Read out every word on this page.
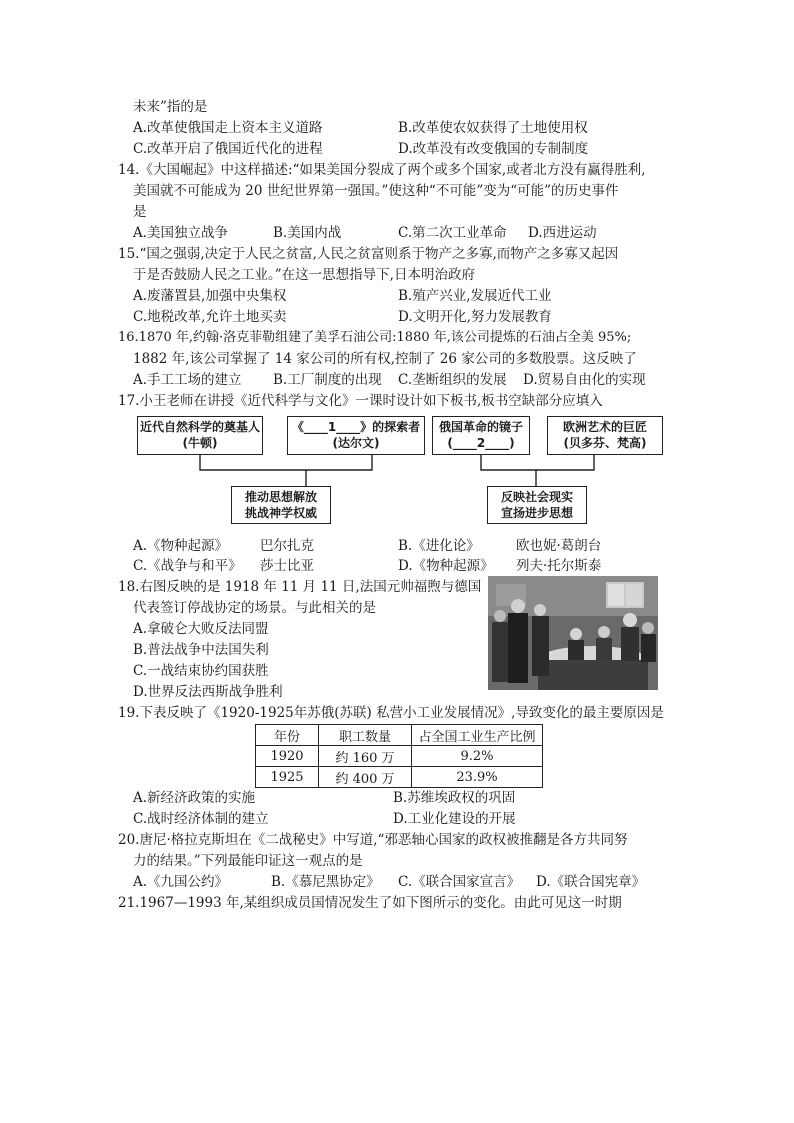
未来”指的是
A.改革使俄国走上资本主义道路	B.改革使农奴获得了土地使用权
C.改革开启了俄国近代化的进程	D.改革没有改变俄国的专制制度
14.《大国崛起》中这样描述:“如果美国分裂成了两个或多个国家,或者北方没有赢得胜利,
美国就不可能成为 20 世纪世界第一强国。”使这种“不可能”变为“可能”的历史事件
是
A.美国独立战争	B.美国内战	C.第二次工业革命 D.西进运动
15.“国之强弱,决定于人民之贫富,人民之贫富则系于物产之多寡,而物产之多寡又起因
于是否鼓励人民之工业。”在这一思想指导下,日本明治政府
A.废藩置县,加强中央集权	B.殖产兴业,发展近代工业
C.地税改革,允许土地买卖	D.文明开化,努力发展教育
16.1870 年,约翰·洛克菲勒组建了美孚石油公司:1880 年,该公司提炼的石油占全美 95%;
1882 年,该公司掌握了 14 家公司的所有权,控制了 26 家公司的多数股票。这反映了
A.手工工场的建立 B.工厂制度的出现 C.垄断组织的发展 D.贸易自由化的实现
17.小王老师在讲授《近代科学与文化》一课时设计如下板书,板书空缺部分应填入
近代自然科学的奠基人
(牛顿)
《____1____》的探索者
(达尔文)
俄国革命的镜子
(____2____)
欧洲艺术的巨匠
(贝多芬、梵高)
推动思想解放
挑战神学权威
反映社会现实
宣扬进步思想
A.《物种起源》 巴尔扎克	B.《进化论》	欧也妮·葛朗台
C.《战争与和平》 莎士比亚	D.《物种起源》 列夫·托尔斯泰
18.右图反映的是 1918 年 11 月 11 日,法国元帅福煦与德国
代表签订停战协定的场景。与此相关的是
A.拿破仑大败反法同盟
B.普法战争中法国失利
C.一战结束协约国获胜
D.世界反法西斯战争胜利
19.下表反映了《1920-1925年苏俄(苏联) 私营小工业发展情况》,导致变化的最主要原因是
年份	职工数量	占全国工业生产比例
1920	约 160 万	9.2%
1925	约 400 万	23.9%
A.新经济政策的实施	B.苏维埃政权的巩固
C.战时经济体制的建立	D.工业化建设的开展
20.唐尼·格拉克斯坦在《二战秘史》中写道,“邪恶轴心国家的政权被推翻是各方共同努
力的结果。”下列最能印证这一观点的是
A.《九国公约》	B.《慕尼黑协定》 C.《联合国家宣言》 D.《联合国宪章》
21.1967—1993 年,某组织成员国情况发生了如下图所示的变化。由此可见这一时期
